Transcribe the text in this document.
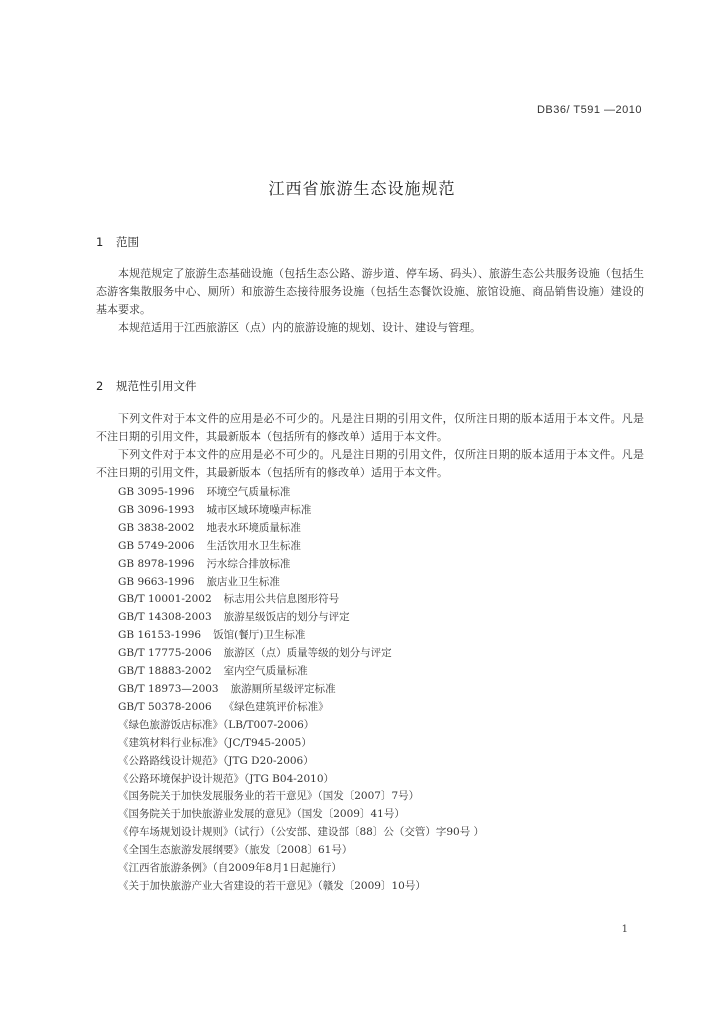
DB36/ T591 —2010
江西省旅游生态设施规范
1 范围

本规范规定了旅游生态基础设施（包括生态公路、游步道、停车场、码头）、旅游生态公共服务设施（包括生态游客集散服务中心、厕所）和旅游生态接待服务设施（包括生态餐饮设施、旅馆设施、商品销售设施）建设的基本要求。

本规范适用于江西旅游区（点）内的旅游设施的规划、设计、建设与管理。

2 规范性引用文件

下列文件对于本文件的应用是必不可少的。凡是注日期的引用文件，仅所注日期的版本适用于本文件。凡是不注日期的引用文件，其最新版本（包括所有的修改单）适用于本文件。

下列文件对于本文件的应用是必不可少的。凡是注日期的引用文件，仅所注日期的版本适用于本文件。凡是不注日期的引用文件，其最新版本（包括所有的修改单）适用于本文件。

GB 3095-1996 环境空气质量标准
GB 3096-1993 城市区域环境噪声标准
GB 3838-2002 地表水环境质量标准
GB 5749-2006 生活饮用水卫生标准
GB 8978-1996 污水综合排放标准
GB 9663-1996 旅店业卫生标准
GB/T 10001-2002 标志用公共信息图形符号
GB/T 14308-2003 旅游星级饭店的划分与评定
GB 16153-1996 饭馆(餐厅)卫生标准
GB/T 17775-2006 旅游区（点）质量等级的划分与评定
GB/T 18883-2002 室内空气质量标准
GB/T 18973—2003 旅游厕所星级评定标准
GB/T 50378-2006 《绿色建筑评价标准》
《绿色旅游饭店标准》（LB/T007-2006）
《建筑材料行业标准》（JC/T945-2005）
《公路路线设计规范》（JTG D20-2006）
《公路环境保护设计规范》（JTG B04-2010）
《国务院关于加快发展服务业的若干意见》（国发〔2007〕7号）
《国务院关于加快旅游业发展的意见》（国发〔2009〕41号）
《停车场规划设计规则》（试行）（公安部、建设部〔88〕公（交管）字90号 ）
《全国生态旅游发展纲要》（旅发〔2008〕61号）
《江西省旅游条例》（自2009年8月1日起施行）
《关于加快旅游产业大省建设的若干意见》（赣发〔2009〕10号）
1
